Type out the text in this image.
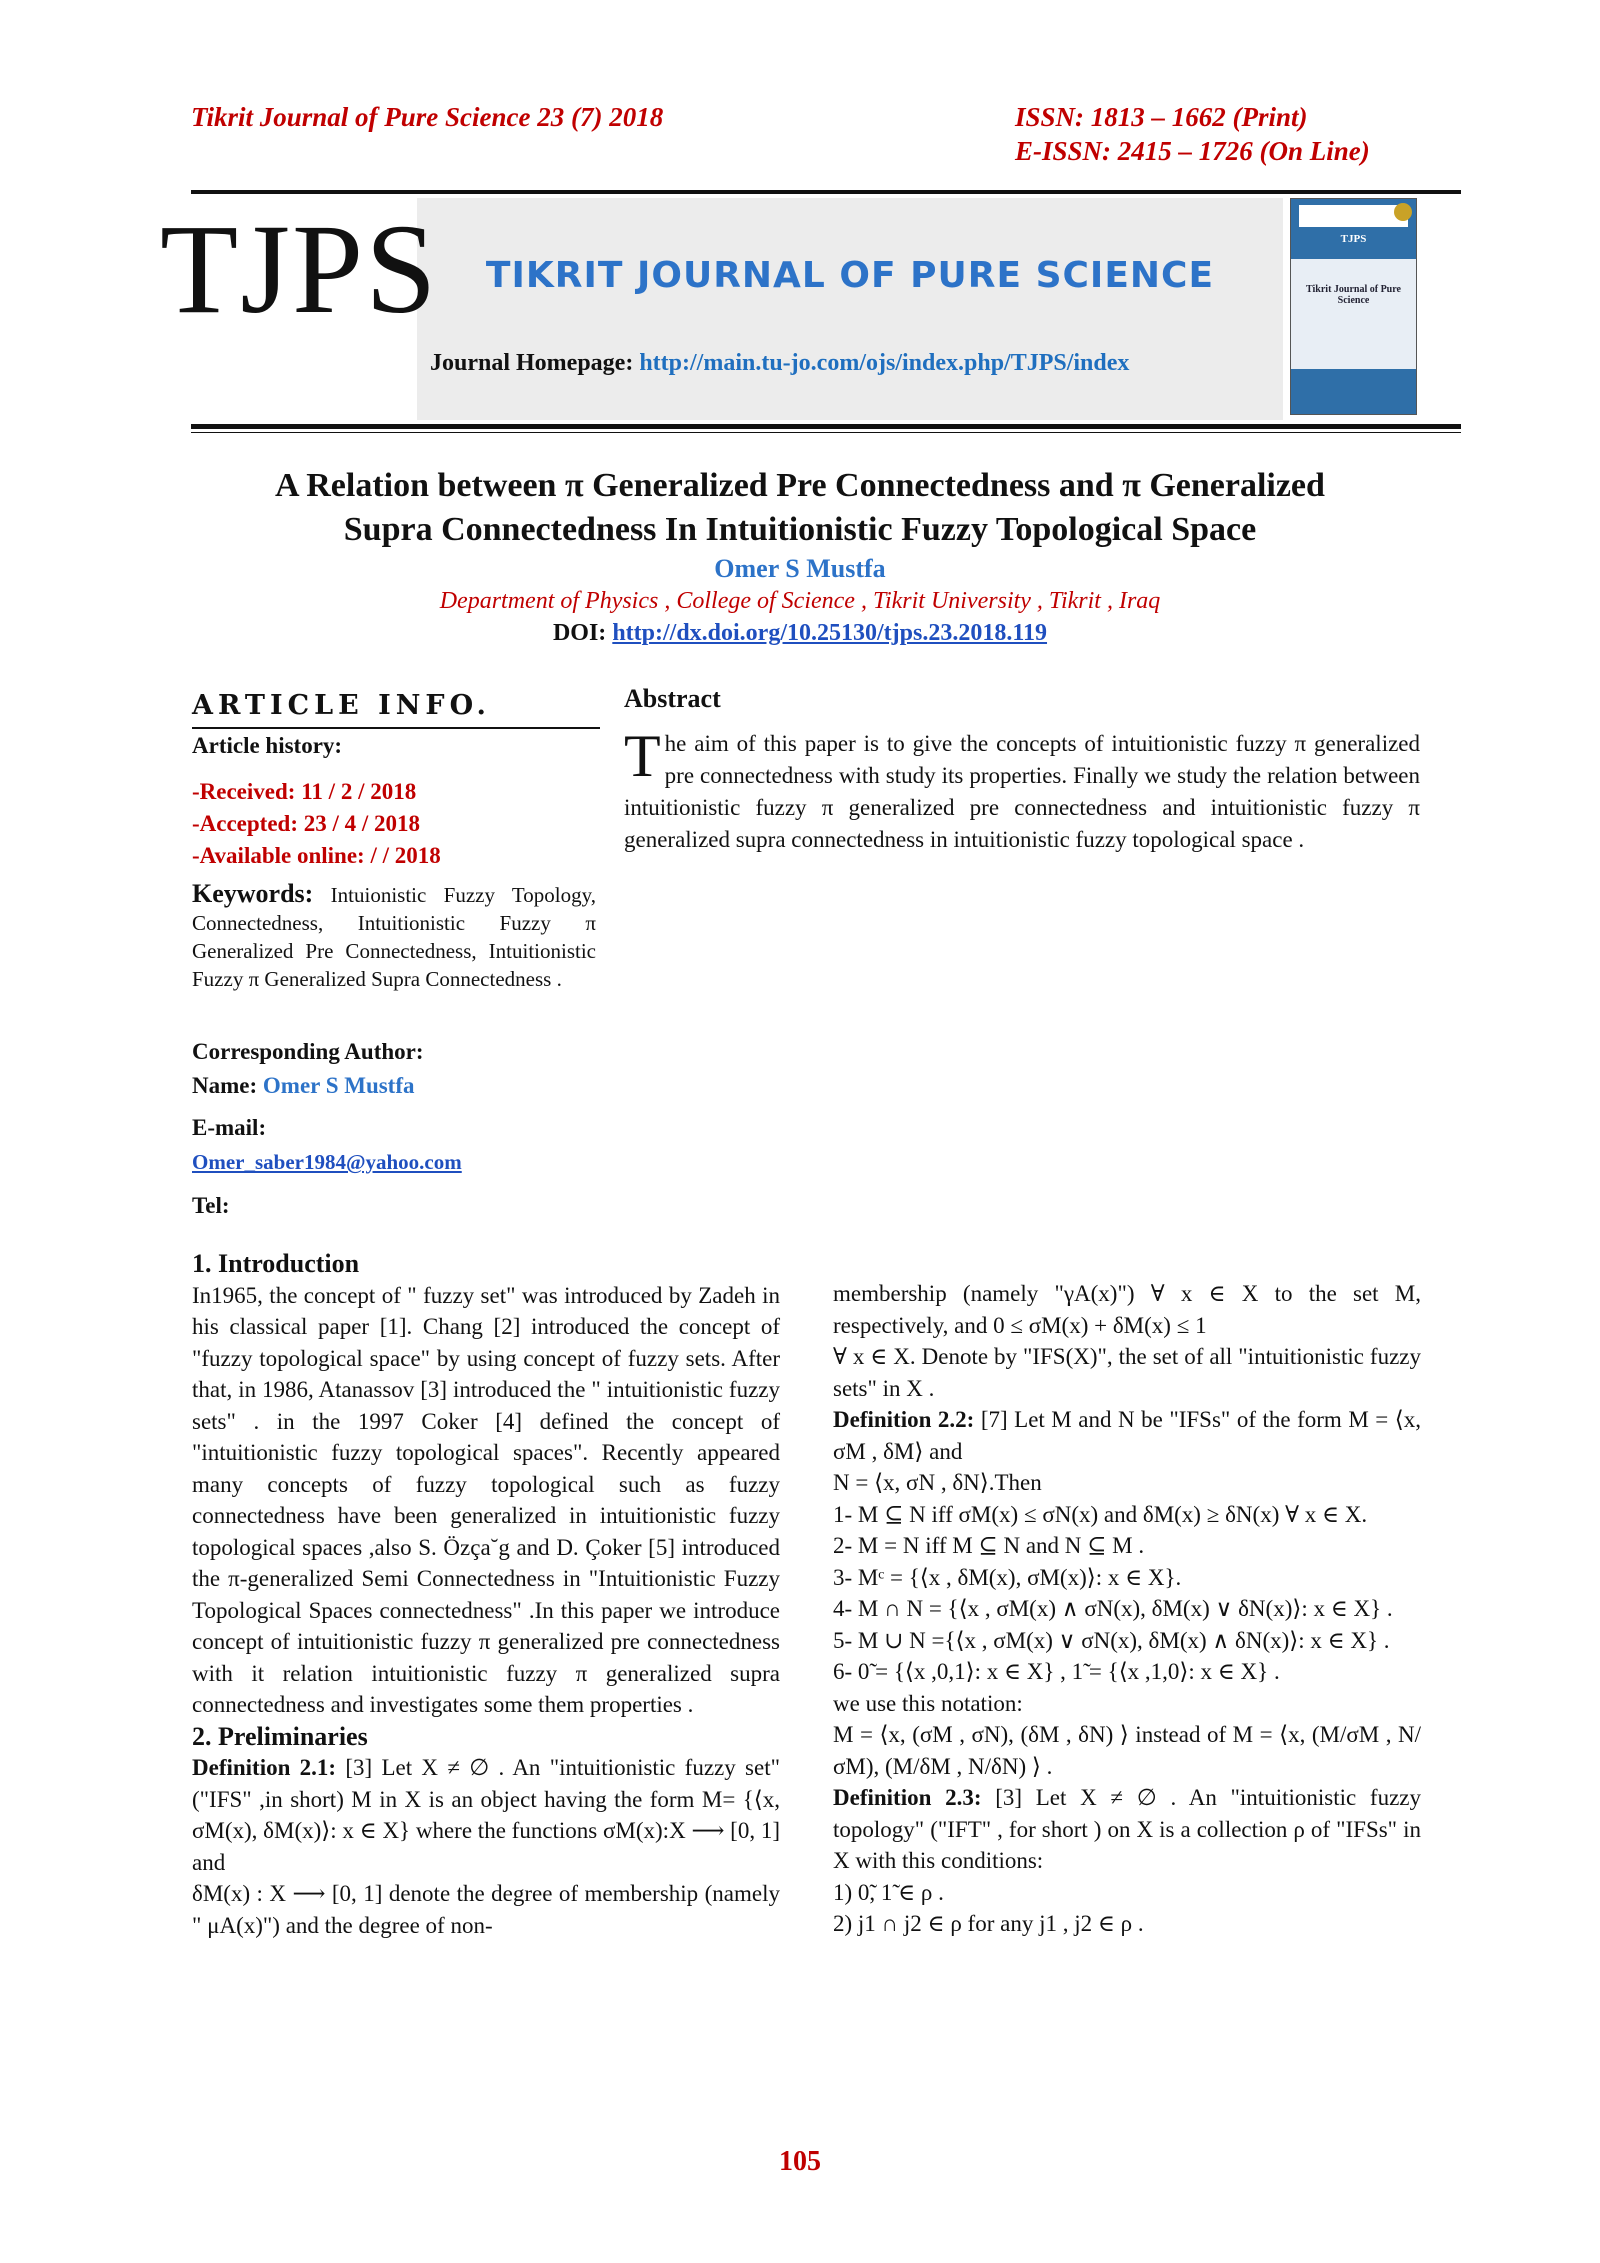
Tikrit Journal of Pure Science 23 (7) 2018	ISSN: 1813 – 1662 (Print)
E-ISSN: 2415 – 1726 (On Line)
TJPS	TIKRIT JOURNAL OF PURE SCIENCE
Journal Homepage: http://main.tu-jo.com/ojs/index.php/TJPS/index
TJPS
Tikrit Journal of Pure Science
A Relation between π Generalized Pre Connectedness and π Generalized
Supra Connectedness In Intuitionistic Fuzzy Topological Space
Omer S Mustfa
Department of Physics , College of Science , Tikrit University , Tikrit , Iraq
DOI: http://dx.doi.org/10.25130/tjps.23.2018.119
ARTICLE INFO.
Article history:
-Received: 11 / 2 / 2018
-Accepted: 23 / 4 / 2018
-Available online: / / 2018
Keywords: Intuionistic Fuzzy Topology, Connectedness, Intuitionistic Fuzzy π Generalized Pre Connectedness, Intuitionistic Fuzzy π Generalized Supra Connectedness .
Corresponding Author:
Name: Omer S Mustfa
E-mail:
Omer_saber1984@yahoo.com
Tel:
Abstract
T he aim of this paper is to give the concepts of intuitionistic fuzzy π generalized pre connectedness with study its properties. Finally we study the relation between intuitionistic fuzzy π generalized pre connectedness and intuitionistic fuzzy π generalized supra connectedness in intuitionistic fuzzy topological space .

1. Introduction

In1965, the concept of " fuzzy set" was introduced by Zadeh in his classical paper [1]. Chang [2] introduced the concept of "fuzzy topological space" by using concept of fuzzy sets. After that, in 1986, Atanassov [3] introduced the " intuitionistic fuzzy sets" . in the 1997 Coker [4] defined the concept of "intuitionistic fuzzy topological spaces". Recently appeared many concepts of fuzzy topological such as fuzzy connectedness have been generalized in intuitionistic fuzzy topological spaces ,also S. Özça˘g and D. Çoker [5] introduced the π-generalized Semi Connectedness in "Intuitionistic Fuzzy Topological Spaces connectedness" .In this paper we introduce concept of intuitionistic fuzzy π generalized pre connectedness with it relation intuitionistic fuzzy π generalized supra connectedness and investigates some them properties .

2. Preliminaries

Definition 2.1: [3] Let X ≠ ∅ . An "intuitionistic fuzzy set" ("IFS" ,in short) M in X is an object having the form M= {⟨x, σM(x), δM(x)⟩: x ∈ X} where the functions σM(x):X ⟶ [0, 1] and

δM(x) : X ⟶ [0, 1] denote the degree of membership (namely " μA(x)") and the degree of non-

membership (namely "γA(x)") ∀ x ∈ X to the set M, respectively, and 0 ≤ σM(x) + δM(x) ≤ 1

∀ x ∈ X. Denote by "IFS(X)", the set of all "intuitionistic fuzzy sets" in X .

Definition 2.2: [7] Let M and N be "IFSs" of the form M = ⟨x, σM , δM⟩ and

N = ⟨x, σN , δN⟩.Then

1- M ⊆ N iff σM(x) ≤ σN(x) and δM(x) ≥ δN(x) ∀ x ∈ X.

2- M = N iff M ⊆ N and N ⊆ M .

3- Mᶜ = {⟨x , δM(x), σM(x)⟩: x ∈ X}.

4- M ∩ N = {⟨x , σM(x) ∧ σN(x), δM(x) ∨ δN(x)⟩: x ∈ X} .

5- M ∪ N ={⟨x , σM(x) ∨ σN(x), δM(x) ∧ δN(x)⟩: x ∈ X} .

6- 0̃ = {⟨x ,0,1⟩: x ∈ X} , 1̃ = {⟨x ,1,0⟩: x ∈ X} .

we use this notation:

M = ⟨x, (σM , σN), (δM , δN) ⟩ instead of M = ⟨x, (M/σM , N/σM), (M/δM , N/δN) ⟩ .

Definition 2.3: [3] Let X ≠ ∅ . An "intuitionistic fuzzy topology" ("IFT" , for short ) on X is a collection ρ of "IFSs" in X with this conditions:

1) 0̃, 1̃ ∈ ρ .

2) j1 ∩ j2 ∈ ρ for any j1 , j2 ∈ ρ .

105
